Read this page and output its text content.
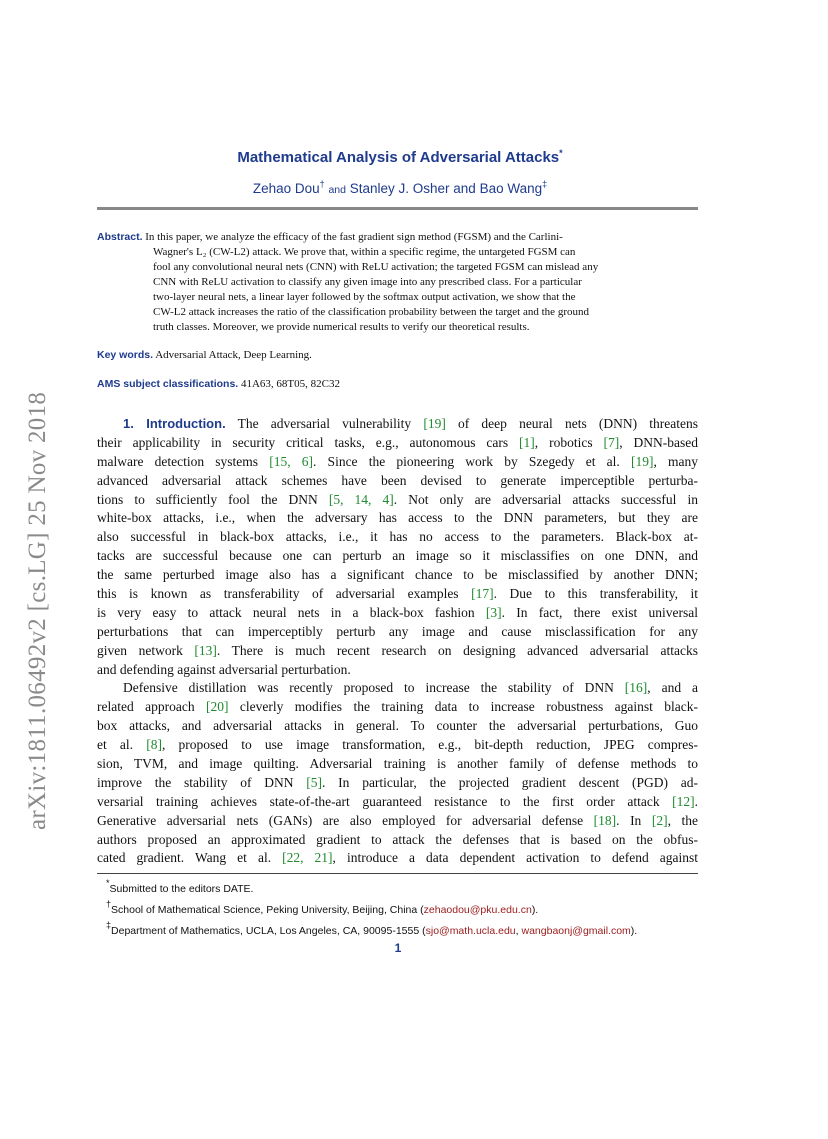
arXiv:1811.06492v2 [cs.LG] 25 Nov 2018
Mathematical Analysis of Adversarial Attacks*
Zehao Dou† and Stanley J. Osher and Bao Wang‡
Abstract. In this paper, we analyze the efficacy of the fast gradient sign method (FGSM) and the Carlini-
Wagner's L₂ (CW-L2) attack. We prove that, within a specific regime, the untargeted FGSM can
fool any convolutional neural nets (CNN) with ReLU activation; the targeted FGSM can mislead any
CNN with ReLU activation to classify any given image into any prescribed class. For a particular
two-layer neural nets, a linear layer followed by the softmax output activation, we show that the
CW-L2 attack increases the ratio of the classification probability between the target and the ground
truth classes. Moreover, we provide numerical results to verify our theoretical results.
Key words. Adversarial Attack, Deep Learning.
AMS subject classifications. 41A63, 68T05, 82C32
1. Introduction. The adversarial vulnerability [19] of deep neural nets (DNN) threatens
their applicability in security critical tasks, e.g., autonomous cars [1], robotics [7], DNN-based
malware detection systems [15, 6]. Since the pioneering work by Szegedy et al. [19], many
advanced adversarial attack schemes have been devised to generate imperceptible perturba-
tions to sufficiently fool the DNN [5, 14, 4]. Not only are adversarial attacks successful in
white-box attacks, i.e., when the adversary has access to the DNN parameters, but they are
also successful in black-box attacks, i.e., it has no access to the parameters. Black-box at-
tacks are successful because one can perturb an image so it misclassifies on one DNN, and
the same perturbed image also has a significant chance to be misclassified by another DNN;
this is known as transferability of adversarial examples [17]. Due to this transferability, it
is very easy to attack neural nets in a black-box fashion [3]. In fact, there exist universal
perturbations that can imperceptibly perturb any image and cause misclassification for any
given network [13]. There is much recent research on designing advanced adversarial attacks
and defending against adversarial perturbation.
Defensive distillation was recently proposed to increase the stability of DNN [16], and a
related approach [20] cleverly modifies the training data to increase robustness against black-
box attacks, and adversarial attacks in general. To counter the adversarial perturbations, Guo
et al. [8], proposed to use image transformation, e.g., bit-depth reduction, JPEG compres-
sion, TVM, and image quilting. Adversarial training is another family of defense methods to
improve the stability of DNN [5]. In particular, the projected gradient descent (PGD) ad-
versarial training achieves state-of-the-art guaranteed resistance to the first order attack [12].
Generative adversarial nets (GANs) are also employed for adversarial defense [18]. In [2], the
authors proposed an approximated gradient to attack the defenses that is based on the obfus-
cated gradient. Wang et al. [22, 21], introduce a data dependent activation to defend against
*Submitted to the editors DATE.
†School of Mathematical Science, Peking University, Beijing, China (zehaodou@pku.edu.cn).
‡Department of Mathematics, UCLA, Los Angeles, CA, 90095-1555 (sjo@math.ucla.edu, wangbaonj@gmail.com).
1
